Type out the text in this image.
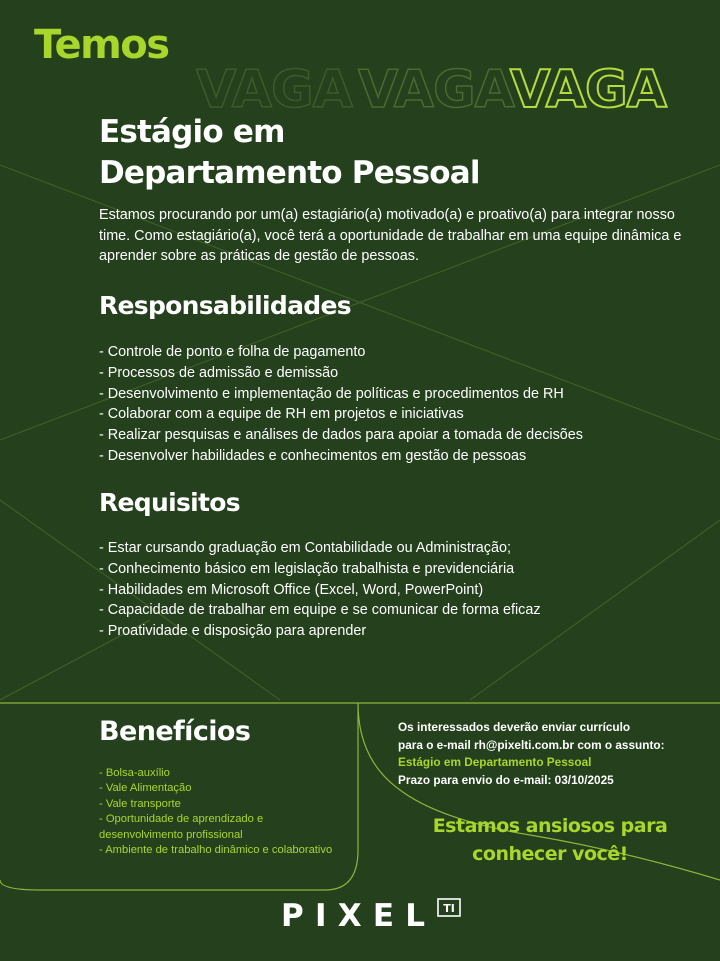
Temos
VAGA VAGA
VAGA
Estágio em
Departamento Pessoal

Estamos procurando por um(a) estagiário(a) motivado(a) e proativo(a) para integrar nosso time. Como estagiário(a), você terá a oportunidade de trabalhar em uma equipe dinâmica e aprender sobre as práticas de gestão de pessoas.

Responsabilidades
- Controle de ponto e folha de pagamento
- Processos de admissão e demissão
- Desenvolvimento e implementação de políticas e procedimentos de RH
- Colaborar com a equipe de RH em projetos e iniciativas
- Realizar pesquisas e análises de dados para apoiar a tomada de decisões
- Desenvolver habilidades e conhecimentos em gestão de pessoas
Requisitos
- Estar cursando graduação em Contabilidade ou Administração;
- Conhecimento básico em legislação trabalhista e previdenciária
- Habilidades em Microsoft Office (Excel, Word, PowerPoint)
- Capacidade de trabalhar em equipe e se comunicar de forma eficaz
- Proatividade e disposição para aprender
Benefícios
- Bolsa-auxílio
- Vale Alimentação
- Vale transporte
- Oportunidade de aprendizado e desenvolvimento profissional
- Ambiente de trabalho dinâmico e colaborativo
Os interessados deverão enviar currículo
para o e-mail rh@pixelti.com.br com o assunto:
Estágio em Departamento Pessoal
Prazo para envio do e-mail: 03/10/2025
Estamos ansiosos para
conhecer você!
PIXEL TI
